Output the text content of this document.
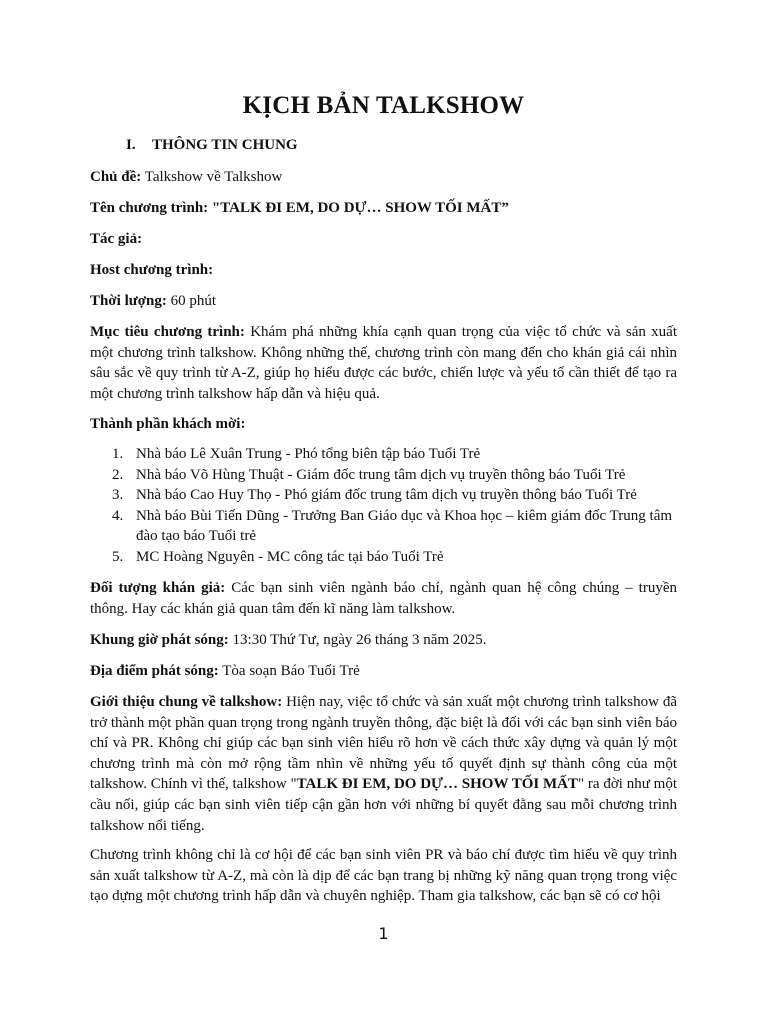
KỊCH BẢN TALKSHOW

I. THÔNG TIN CHUNG

Chủ đề: Talkshow về Talkshow

Tên chương trình: "TALK ĐI EM, DO DỰ… SHOW TỐI MẤT”

Tác giả:

Host chương trình:

Thời lượng: 60 phút

Mục tiêu chương trình: Khám phá những khía cạnh quan trọng của việc tổ chức và sản xuất một chương trình talkshow. Không những thế, chương trình còn mang đến cho khán giả cái nhìn sâu sắc về quy trình từ A-Z, giúp họ hiểu được các bước, chiến lược và yếu tố cần thiết để tạo ra một chương trình talkshow hấp dẫn và hiệu quả.

Thành phần khách mời:

1. Nhà báo Lê Xuân Trung - Phó tổng biên tập báo Tuổi Trẻ
2. Nhà báo Võ Hùng Thuật - Giám đốc trung tâm dịch vụ truyền thông báo Tuổi Trẻ
3. Nhà báo Cao Huy Thọ - Phó giám đốc trung tâm dịch vụ truyền thông báo Tuổi Trẻ
4. Nhà báo Bùi Tiến Dũng - Trưởng Ban Giáo dục và Khoa học – kiêm giám đốc Trung tâm đào tạo báo Tuổi trẻ
5. MC Hoàng Nguyên - MC công tác tại báo Tuổi Trẻ

Đối tượng khán giả: Các bạn sinh viên ngành báo chí, ngành quan hệ công chúng – truyền thông. Hay các khán giả quan tâm đến kĩ năng làm talkshow.

Khung giờ phát sóng: 13:30 Thứ Tư, ngày 26 tháng 3 năm 2025.

Địa điểm phát sóng: Tòa soạn Báo Tuổi Trẻ

Giới thiệu chung về talkshow: Hiện nay, việc tổ chức và sản xuất một chương trình talkshow đã trở thành một phần quan trọng trong ngành truyền thông, đặc biệt là đối với các bạn sinh viên báo chí và PR. Không chỉ giúp các bạn sinh viên hiểu rõ hơn về cách thức xây dựng và quản lý một chương trình mà còn mở rộng tầm nhìn về những yếu tố quyết định sự thành công của một talkshow. Chính vì thế, talkshow "TALK ĐI EM, DO DỰ… SHOW TỐI MẤT" ra đời như một cầu nối, giúp các bạn sinh viên tiếp cận gần hơn với những bí quyết đằng sau mỗi chương trình talkshow nổi tiếng.

Chương trình không chỉ là cơ hội để các bạn sinh viên PR và báo chí được tìm hiểu về quy trình sản xuất talkshow từ A-Z, mà còn là dịp để các bạn trang bị những kỹ năng quan trọng trong việc tạo dựng một chương trình hấp dẫn và chuyên nghiệp. Tham gia talkshow, các bạn sẽ có cơ hội

1
